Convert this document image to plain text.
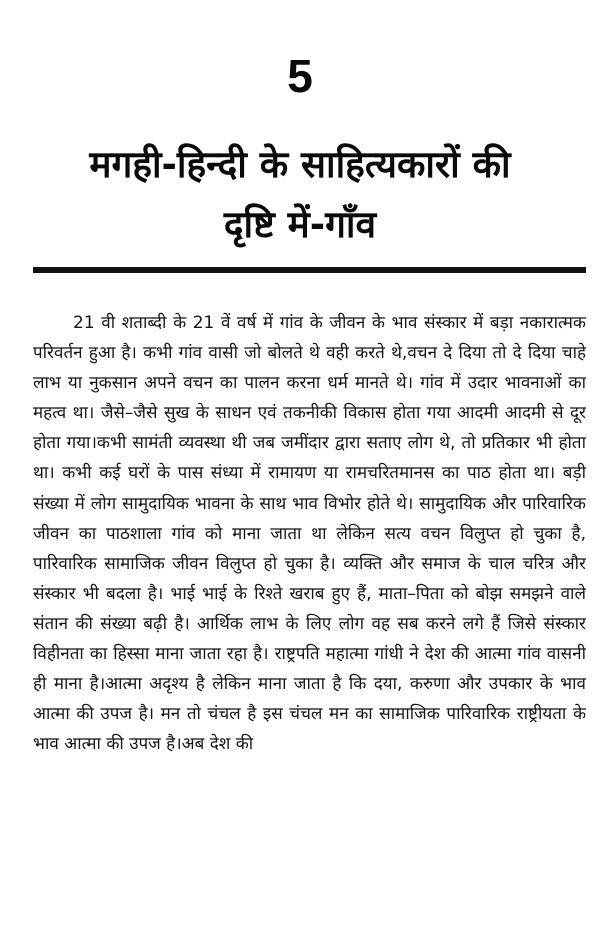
5
मगही-हिन्दी के साहित्यकारों की
दृष्टि में-गाँव

21 वी शताब्दी के 21 वें वर्ष में गांव के जीवन के भाव संस्कार में बड़ा नकारात्मक परिवर्तन हुआ है। कभी गांव वासी जो बोलते थे वही करते थे,वचन दे दिया तो दे दिया चाहे लाभ या नुकसान अपने वचन का पालन करना धर्म मानते थे। गांव में उदार भावनाओं का महत्व था। जैसे–जैसे सुख के साधन एवं तकनीकी विकास होता गया आदमी आदमी से दूर होता गया।कभी सामंती व्यवस्था थी जब जमींदार द्वारा सताए लोग थे, तो प्रतिकार भी होता था। कभी कई घरों के पास संध्या में रामायण या रामचरितमानस का पाठ होता था। बड़ी संख्या में लोग सामुदायिक भावना के साथ भाव विभोर होते थे। सामुदायिक और पारिवारिक जीवन का पाठशाला गांव को माना जाता था लेकिन सत्य वचन विलुप्त हो चुका है, पारिवारिक सामाजिक जीवन विलुप्त हो चुका है। व्यक्ति और समाज के चाल चरित्र और संस्कार भी बदला है। भाई भाई के रिश्ते खराब हुए हैं, माता–पिता को बोझ समझने वाले संतान की संख्या बढ़ी है। आर्थिक लाभ के लिए लोग वह सब करने लगे हैं जिसे संस्कार विहीनता का हिस्सा माना जाता रहा है। राष्ट्रपति महात्मा गांधी ने देश की आत्मा गांव वासनी ही माना है।आत्मा अदृश्य है लेकिन माना जाता है कि दया, करुणा और उपकार के भाव आत्मा की उपज है। मन तो चंचल है इस चंचल मन का सामाजिक पारिवारिक राष्ट्रीयता के भाव आत्मा की उपज है।अब देश की
